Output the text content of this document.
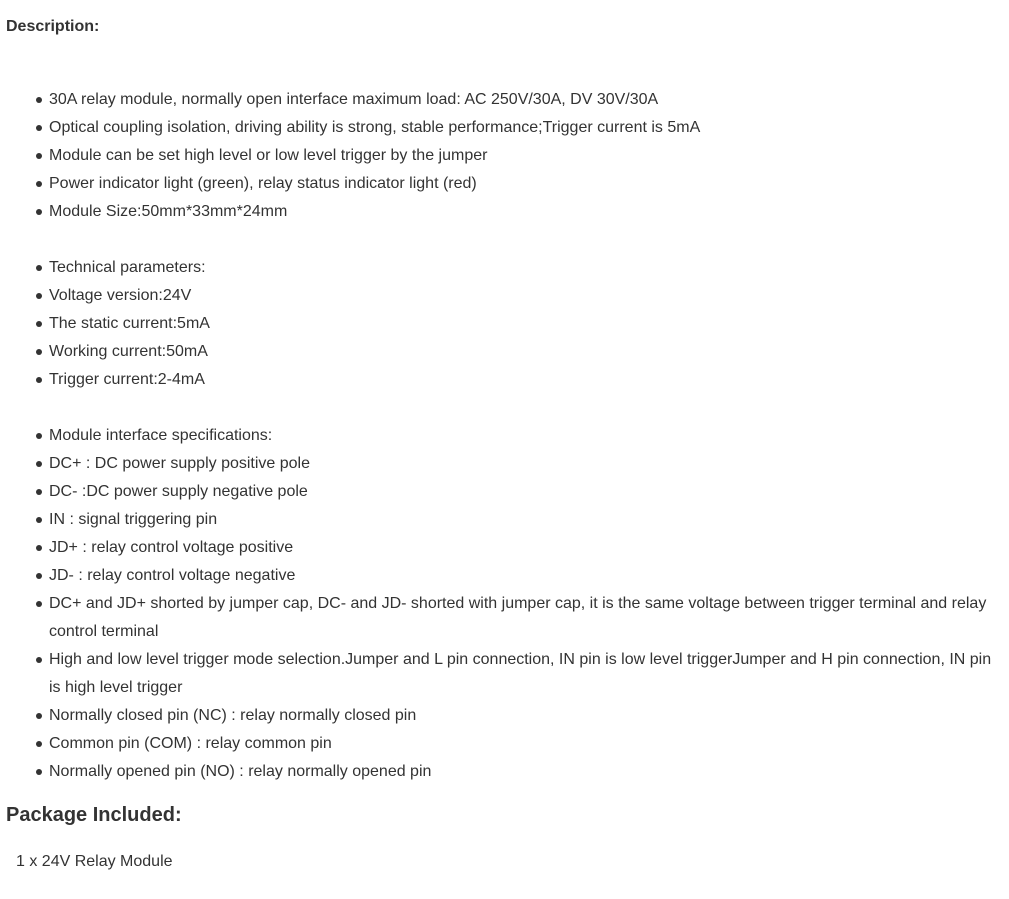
Description:
30A relay module, normally open interface maximum load: AC 250V/30A, DV 30V/30A
Optical coupling isolation, driving ability is strong, stable performance;Trigger current is 5mA
Module can be set high level or low level trigger by the jumper
Power indicator light (green), relay status indicator light (red)
Module Size:50mm*33mm*24mm
Technical parameters:
Voltage version:24V
The static current:5mA
Working current:50mA
Trigger current:2-4mA
Module interface specifications:
DC+ : DC power supply positive pole
DC- :DC power supply negative pole
IN : signal triggering pin
JD+ : relay control voltage positive
JD- : relay control voltage negative
DC+ and JD+ shorted by jumper cap, DC- and JD- shorted with jumper cap, it is the same voltage between trigger terminal and relay control terminal
High and low level trigger mode selection.Jumper and L pin connection, IN pin is low level triggerJumper and H pin connection, IN pin is high level trigger
Normally closed pin (NC) : relay normally closed pin
Common pin (COM) : relay common pin
Normally opened pin (NO) : relay normally opened pin
Package Included:

1 x 24V Relay Module
